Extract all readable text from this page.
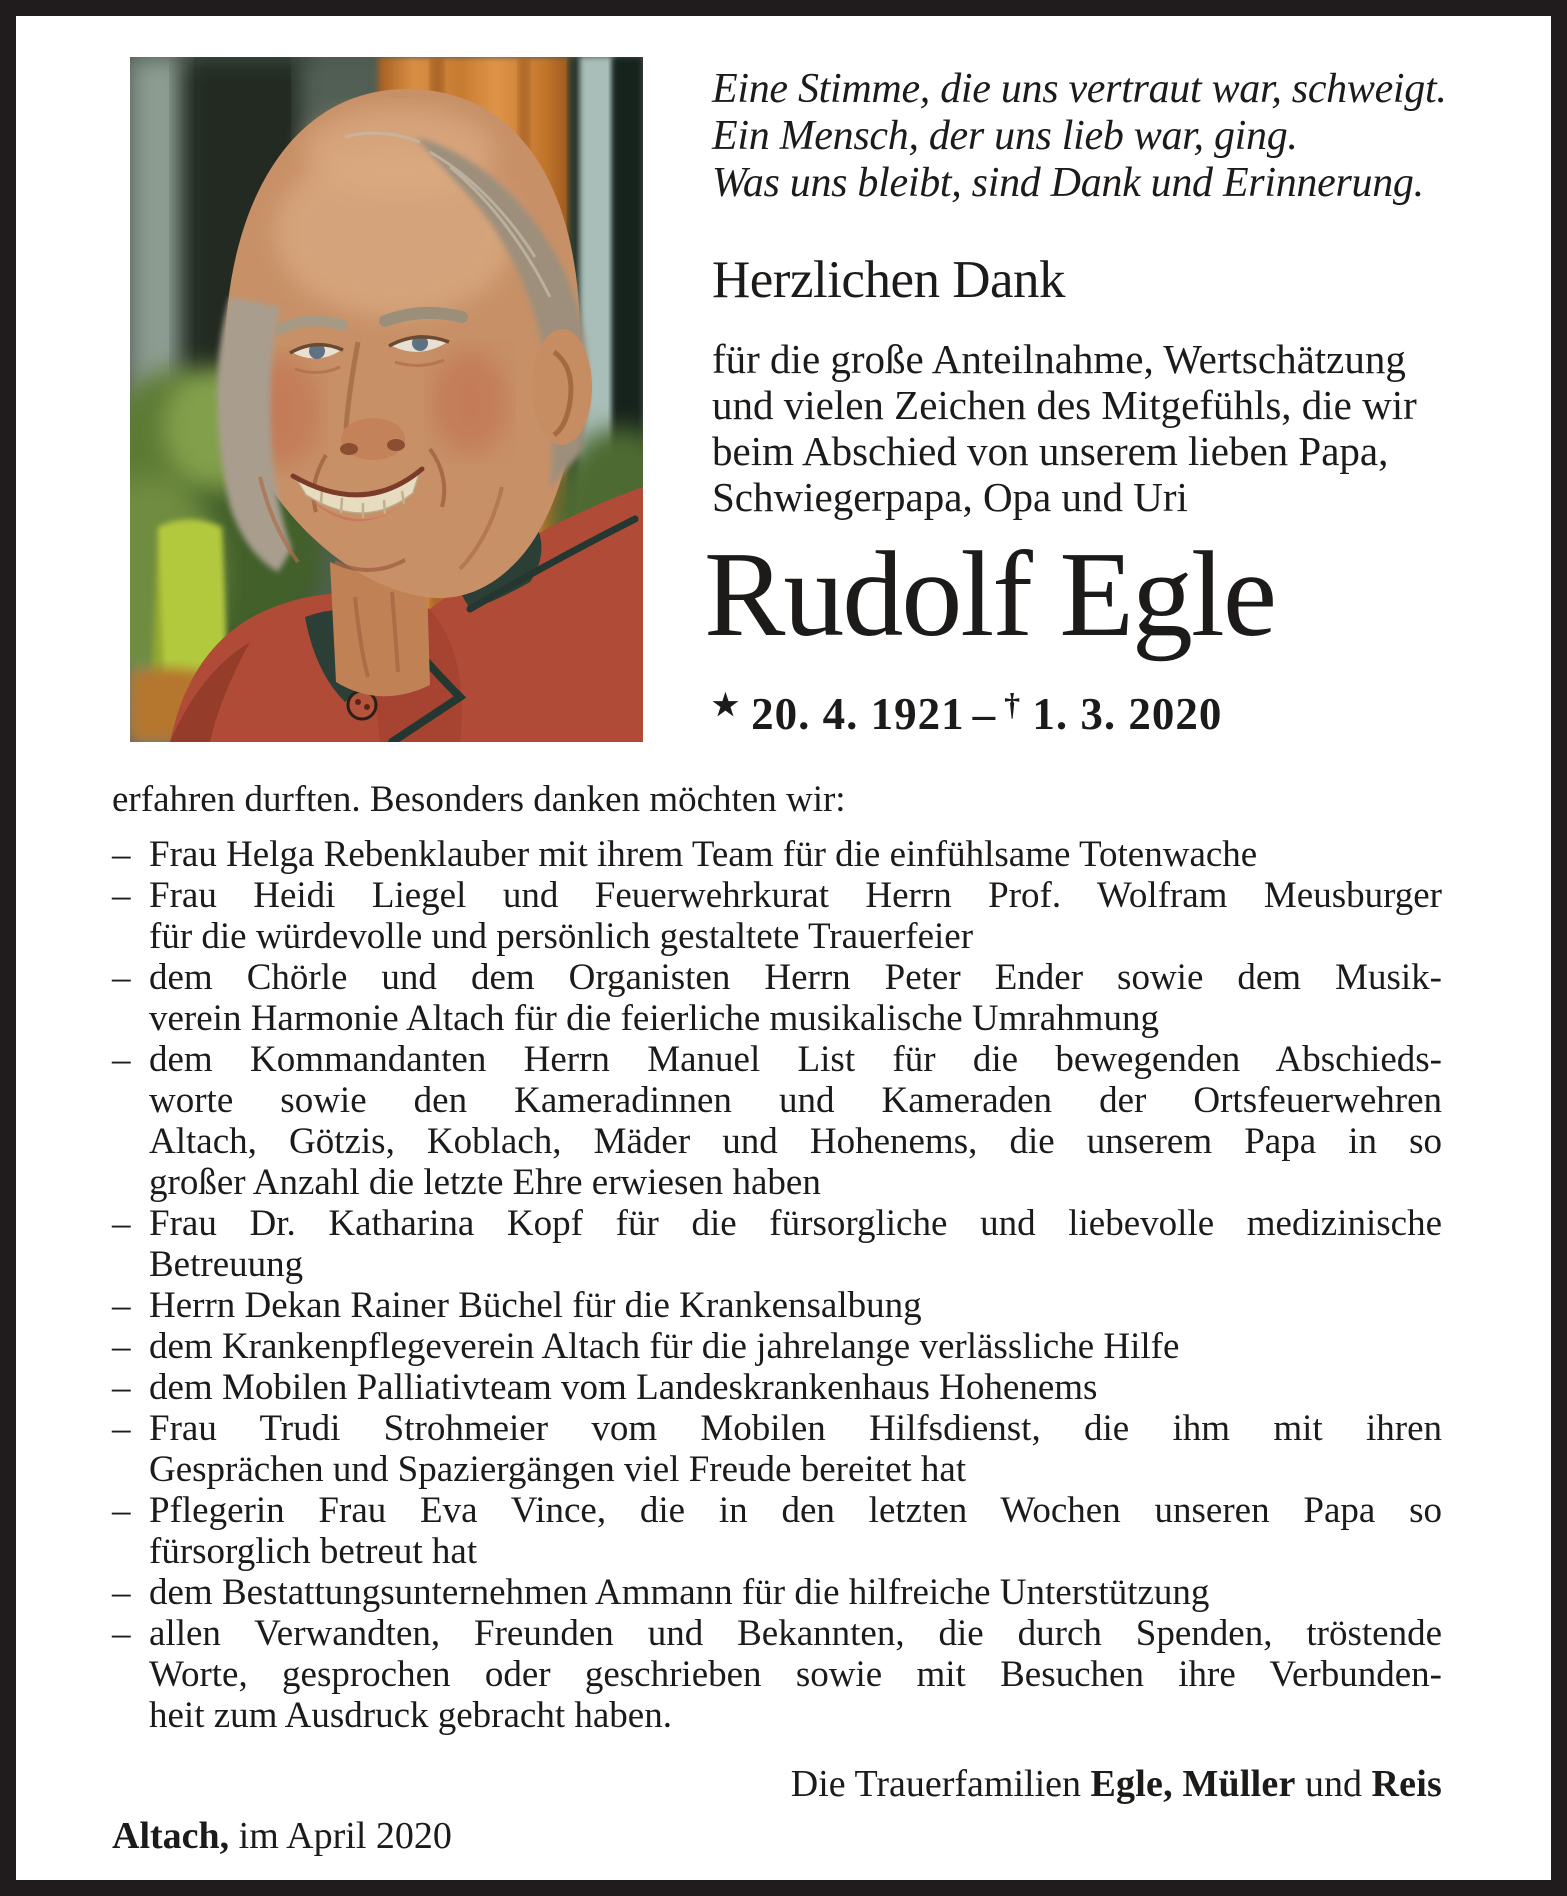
Eine Stimme, die uns vertraut war, schweigt.
Ein Mensch, der uns lieb war, ging.
Was uns bleibt, sind Dank und Erinnerung.
Herzlichen Dank
für die große Anteilnahme, Wertschätzung
und vielen Zeichen des Mitgefühls, die wir
beim Abschied von unserem lieben Papa,
Schwiegerpapa, Opa und Uri
Rudolf Egle
★ 20. 4. 1921 – † 1. 3. 2020
erfahren durften. Besonders danken möchten wir:
– Frau Helga Rebenklauber mit ihrem Team für die einfühlsame Totenwache
– Frau Heidi Liegel und Feuerwehrkurat Herrn Prof. Wolfram Meusburger
für die würdevolle und persönlich gestaltete Trauerfeier
– dem Chörle und dem Organisten Herrn Peter Ender sowie dem Musik-
verein Harmonie Altach für die feierliche musikalische Umrahmung
– dem Kommandanten Herrn Manuel List für die bewegenden Abschieds-
worte sowie den Kameradinnen und Kameraden der Ortsfeuerwehren
Altach, Götzis, Koblach, Mäder und Hohenems, die unserem Papa in so
großer Anzahl die letzte Ehre erwiesen haben
– Frau Dr. Katharina Kopf für die fürsorgliche und liebevolle medizinische
Betreuung
– Herrn Dekan Rainer Büchel für die Krankensalbung
– dem Krankenpflegeverein Altach für die jahrelange verlässliche Hilfe
– dem Mobilen Palliativteam vom Landeskrankenhaus Hohenems
– Frau Trudi Strohmeier vom Mobilen Hilfsdienst, die ihm mit ihren
Gesprächen und Spaziergängen viel Freude bereitet hat
– Pflegerin Frau Eva Vince, die in den letzten Wochen unseren Papa so
fürsorglich betreut hat
– dem Bestattungsunternehmen Ammann für die hilfreiche Unterstützung
– allen Verwandten, Freunden und Bekannten, die durch Spenden, tröstende
Worte, gesprochen oder geschrieben sowie mit Besuchen ihre Verbunden-
heit zum Ausdruck gebracht haben.
Die Trauerfamilien Egle, Müller und Reis
Altach, im April 2020
